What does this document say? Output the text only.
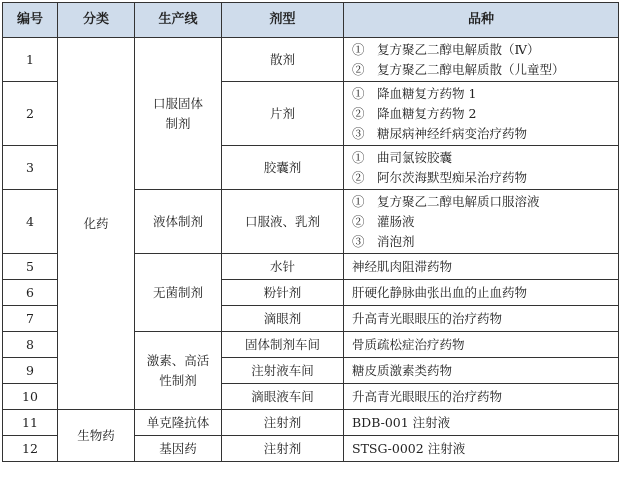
编号	分类	生产线	剂型	品种
1	化药	口服固体制剂	散剂	①　复方聚乙二醇电解质散（Ⅳ）
②　复方聚乙二醇电解质散（儿童型）

2			片剂	①　降血糖复方药物 1
②　降血糖复方药物 2
③　糖尿病神经纤病变治疗药物

3			胶囊剂	①　曲司氯铵胶囊
②　阿尔茨海默型痴呆治疗药物

4		液体制剂	口服液、乳剂	①　复方聚乙二醇电解质口服溶液
②　灌肠液
③　消泡剂

5		无菌制剂	水针	神经肌肉阻滞药物
6			粉针剂	肝硬化静脉曲张出血的止血药物
7			滴眼剂	升高青光眼眼压的治疗药物
8		激素、高活性制剂	固体制剂车间	骨质疏松症治疗药物
9			注射液车间	糖皮质激素类药物
10			滴眼液车间	升高青光眼眼压的治疗药物
11	生物药	单克隆抗体	注射剂	BDB-001 注射液
12		基因药	注射剂	STSG-0002 注射液
